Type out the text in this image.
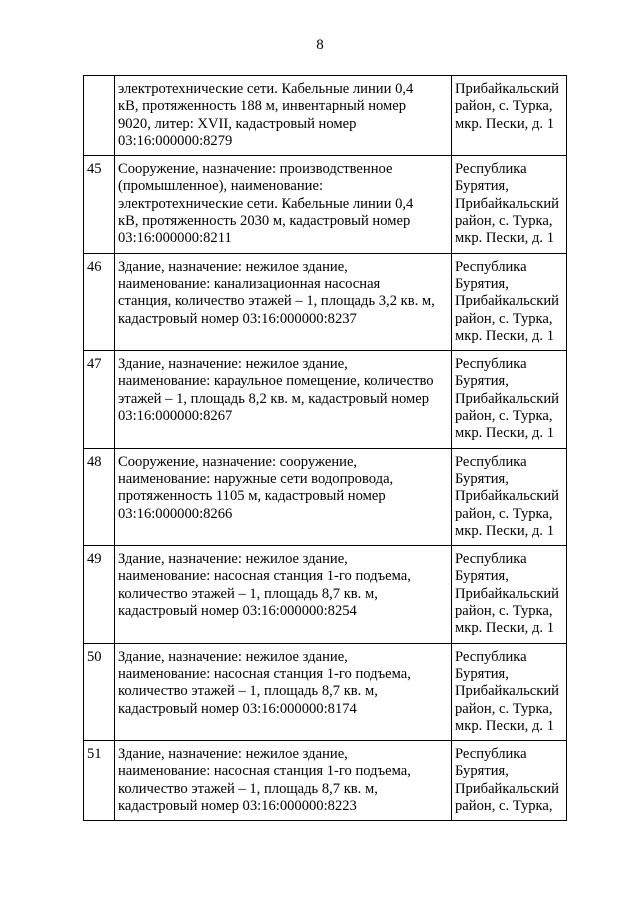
8

	электротехнические сети. Кабельные линии 0,4
кВ, протяженность 188 м, инвентарный номер
9020, литер: XVII, кадастровый номер
03:16:000000:8279	Прибайкальский
район, с. Турка,
мкр. Пески, д. 1

45	Сооружение, назначение: производственное
(промышленное), наименование:
электротехнические сети. Кабельные линии 0,4
кВ, протяженность 2030 м, кадастровый номер
03:16:000000:8211	Республика
Бурятия,
Прибайкальский
район, с. Турка,
мкр. Пески, д. 1

46	Здание, назначение: нежилое здание,
наименование: канализационная насосная
станция, количество этажей – 1, площадь 3,2 кв. м,
кадастровый номер 03:16:000000:8237	Республика
Бурятия,
Прибайкальский
район, с. Турка,
мкр. Пески, д. 1

47	Здание, назначение: нежилое здание,
наименование: караульное помещение, количество
этажей – 1, площадь 8,2 кв. м, кадастровый номер
03:16:000000:8267	Республика
Бурятия,
Прибайкальский
район, с. Турка,
мкр. Пески, д. 1

48	Сооружение, назначение: сооружение,
наименование: наружные сети водопровода,
протяженность 1105 м, кадастровый номер
03:16:000000:8266	Республика
Бурятия,
Прибайкальский
район, с. Турка,
мкр. Пески, д. 1

49	Здание, назначение: нежилое здание,
наименование: насосная станция 1-го подъема,
количество этажей – 1, площадь 8,7 кв. м,
кадастровый номер 03:16:000000:8254	Республика
Бурятия,
Прибайкальский
район, с. Турка,
мкр. Пески, д. 1

50	Здание, назначение: нежилое здание,
наименование: насосная станция 1-го подъема,
количество этажей – 1, площадь 8,7 кв. м,
кадастровый номер 03:16:000000:8174	Республика
Бурятия,
Прибайкальский
район, с. Турка,
мкр. Пески, д. 1

51	Здание, назначение: нежилое здание,
наименование: насосная станция 1-го подъема,
количество этажей – 1, площадь 8,7 кв. м,
кадастровый номер 03:16:000000:8223	Республика
Бурятия,
Прибайкальский
район, с. Турка,
